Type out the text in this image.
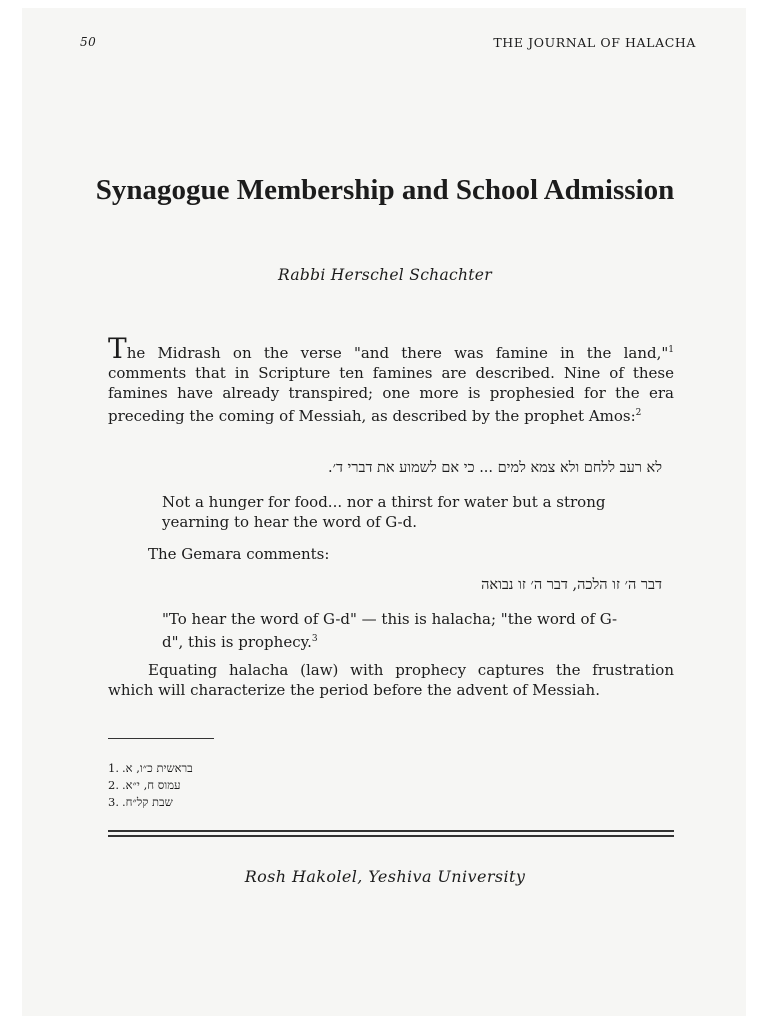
50	THE JOURNAL OF HALACHA
Synagogue Membership and School Admission
Rabbi Herschel Schachter
The Midrash on the verse "and there was famine in the land,"$^1$ comments that in Scripture ten famines are described. Nine of these famines have already transpired; one more is prophesied for the era preceding the coming of Messiah, as described by the prophet Amos:$^2$
לא רעב ללחם ולא צמא למים ... כי אם לשמוע את דברי ד׳.
Not a hunger for food... nor a thirst for water but a strong yearning to hear the word of G-d.
The Gemara comments:
דבר ה׳ זו הלכה, דבר ה׳ זו נבואה
"To hear the word of G-d" — this is halacha; "the word of G-d", this is prophecy.$^3$
Equating halacha (law) with prophecy captures the frustration which will characterize the period before the advent of Messiah.
1. בראשית כ״ו, א.
2. עמוס ח, י״א.
3. שבת קל״ח.
Rosh Hakolel, Yeshiva University
